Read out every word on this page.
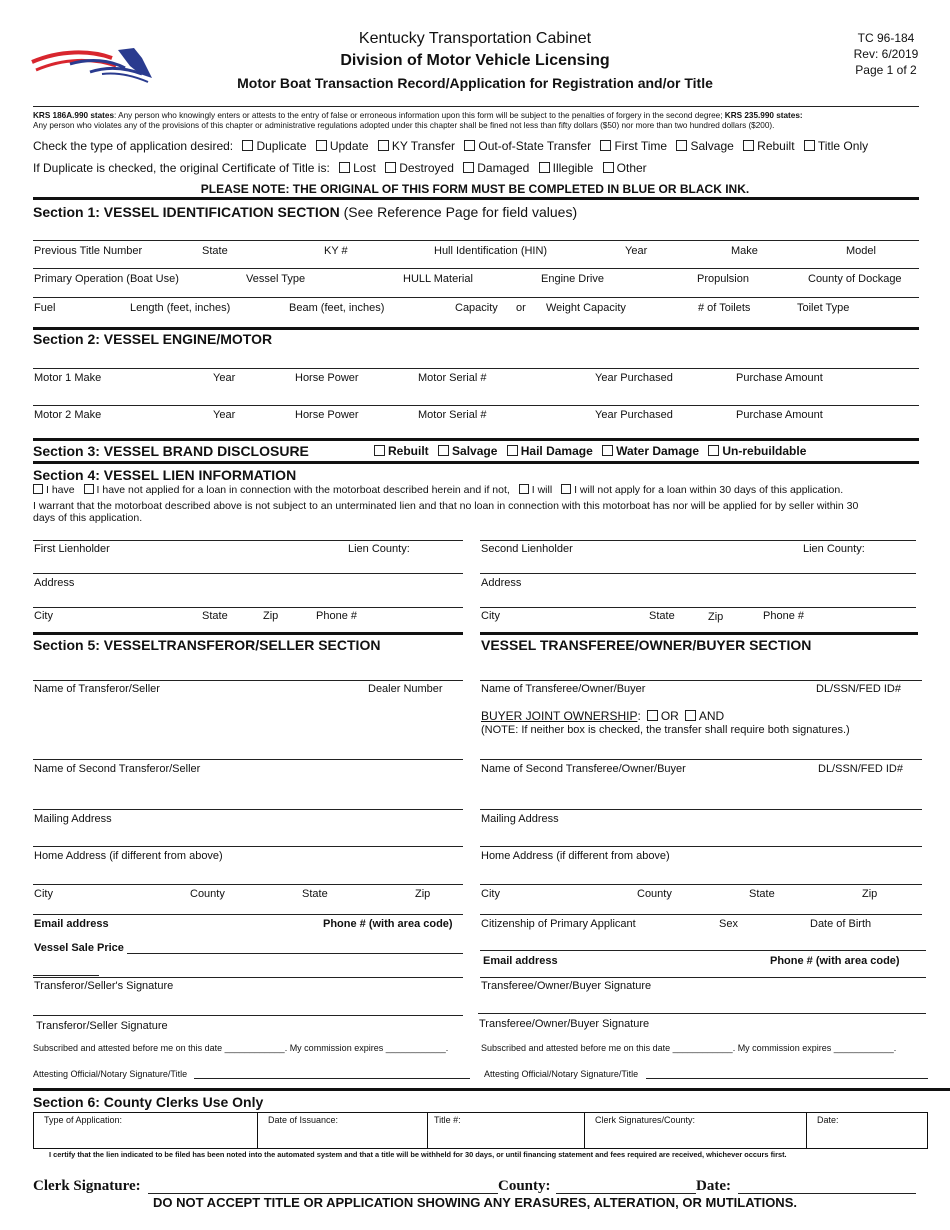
Kentucky Transportation Cabinet
Division of Motor Vehicle Licensing
Motor Boat Transaction Record/Application for Registration and/or Title
TC 96-184
Rev: 6/2019
Page 1 of 2
KRS 186A.990 states: Any person who knowingly enters or attests to the entry of false or erroneous information upon this form will be subject to the penalties of forgery in the second degree; KRS 235.990 states:
Any person who violates any of the provisions of this chapter or administrative regulations adopted under this chapter shall be fined not less than fifty dollars ($50) nor more than two hundred dollars ($200).
Check the type of application desired: Duplicate Update KY Transfer Out-of-State Transfer First Time Salvage Rebuilt Title Only
If Duplicate is checked, the original Certificate of Title is: Lost Destroyed Damaged Illegible Other
PLEASE NOTE: THE ORIGINAL OF THIS FORM MUST BE COMPLETED IN BLUE OR BLACK INK.
Section 1: VESSEL IDENTIFICATION SECTION (See Reference Page for field values)
Previous Title Number	State	KY #	Hull Identification (HIN)	Year	Make	Model
Primary Operation (Boat Use)	Vessel Type	HULL Material	Engine Drive	Propulsion	County of Dockage
Fuel	Length (feet, inches)	Beam (feet, inches)	Capacity or Weight Capacity	# of Toilets	Toilet Type
Section 2: VESSEL ENGINE/MOTOR
Motor 1 Make	Year	Horse Power	Motor Serial #	Year Purchased	Purchase Amount
Motor 2 Make	Year	Horse Power	Motor Serial #	Year Purchased	Purchase Amount
Section 3: VESSEL BRAND DISCLOSURE	Rebuilt Salvage Hail Damage Water Damage Un-rebuildable
Section 4: VESSEL LIEN INFORMATION
I have I have not applied for a loan in connection with the motorboat described herein and if not, I will I will not apply for a loan within 30 days of this application.
I warrant that the motorboat described above is not subject to an unterminated lien and that no loan in connection with this motorboat has nor will be applied for by seller within 30
days of this application.
First Lienholder	Lien County:	Second Lienholder	Lien County:
Address	Address
City	State	Zip	Phone #	City	State	Zip	Phone #
Section 5: VESSELTRANSFEROR/SELLER SECTION	VESSEL TRANSFEREE/OWNER/BUYER SECTION
Name of Transferor/Seller	Dealer Number	Name of Transferee/Owner/Buyer	DL/SSN/FED ID#
BUYER JOINT OWNERSHIP: OR AND
(NOTE: If neither box is checked, the transfer shall require both signatures.)
Name of Second Transferor/Seller	Name of Second Transferee/Owner/Buyer	DL/SSN/FED ID#
Mailing Address	Mailing Address
Home Address (if different from above)	Home Address (if different from above)
City	County	State	Zip	City	County	State	Zip
Email address	Phone # (with area code)	Citizenship of Primary Applicant	Sex	Date of Birth
Vessel Sale Price
Email address	Phone # (with area code)
Transferor/Seller's Signature	Transferee/Owner/Buyer Signature
Transferor/Seller Signature	Transferee/Owner/Buyer Signature
Subscribed and attested before me on this date ____________. My commission expires ____________.	Subscribed and attested before me on this date ____________. My commission expires ____________.
Attesting Official/Notary Signature/Title	Attesting Official/Notary Signature/Title
Section 6: County Clerks Use Only
Type of Application:	Date of Issuance:	Title #:	Clerk Signatures/County:	Date:
I certify that the lien indicated to be filed has been noted into the automated system and that a title will be withheld for 30 days, or until financing statement and fees required are received, whichever occurs first.
Clerk Signature:	County:	Date:
DO NOT ACCEPT TITLE OR APPLICATION SHOWING ANY ERASURES, ALTERATION, OR MUTILATIONS.
